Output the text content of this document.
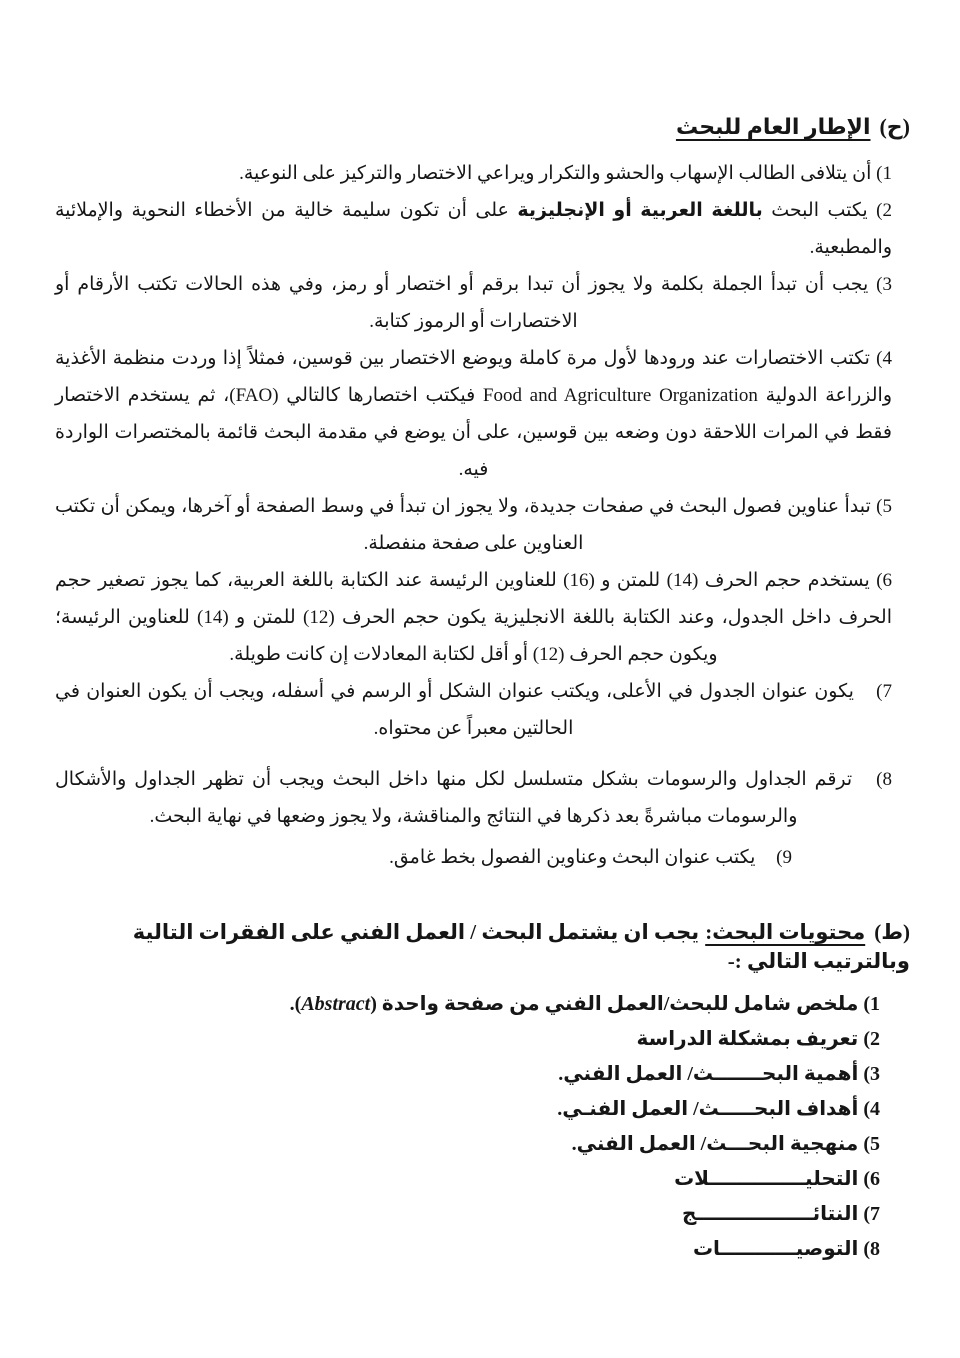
(ح)الإطار العام للبحث

1) أن يتلافى الطالب الإسهاب والحشو والتكرار ويراعي الاختصار والتركيز على النوعية.

2) يكتب البحث باللغة العربية أو الإنجليزية على أن تكون سليمة خالية من الأخطاء النحوية والإملائية والمطبعية.

3) يجب أن تبدأ الجملة بكلمة ولا يجوز أن تبدا برقم أو اختصار أو رمز، وفي هذه الحالات تكتب الأرقام أو الاختصارات أو الرموز كتابة.

4) تكتب الاختصارات عند ورودها لأول مرة كاملة ويوضع الاختصار بين قوسين، فمثلاً إذا وردت منظمة الأغذية والزراعة الدولية Food and Agriculture Organization فيكتب اختصارها كالتالي (FAO)، ثم يستخدم الاختصار فقط في المرات اللاحقة دون وضعه بين قوسين، على أن يوضع في مقدمة البحث قائمة بالمختصرات الواردة فيه.

5) تبدأ عناوين فصول البحث في صفحات جديدة، ولا يجوز ان تبدأ في وسط الصفحة أو آخرها، ويمكن أن تكتب العناوين على صفحة منفصلة.

6) يستخدم حجم الحرف (14) للمتن و (16) للعناوين الرئيسة عند الكتابة باللغة العربية، كما يجوز تصغير حجم الحرف داخل الجدول، وعند الكتابة باللغة الانجليزية يكون حجم الحرف (12) للمتن و (14) للعناوين الرئيسة؛ ويكون حجم الحرف (12) أو أقل لكتابة المعادلات إن كانت طويلة.

7) يكون عنوان الجدول في الأعلى، ويكتب عنوان الشكل أو الرسم في أسفله، ويجب أن يكون العنوان في الحالتين معبراً عن محتواه.

8) ترقم الجداول والرسومات بشكل متسلسل لكل منها داخل البحث ويجب أن تظهر الجداول والأشكال والرسومات مباشرةً بعد ذكرها في النتائج والمناقشة، ولا يجوز وضعها في نهاية البحث.

9) يكتب عنوان البحث وعناوين الفصول بخط غامق.

(ط)محتويات البحث:يجب ان يشتمل البحث / العمل الفني على الفقرات التالية وبالترتيب التالي :-

1) ملخص شامل للبحث/العمل الفني من صفحة واحدة (Abstract).

2) تعريف بمشكلة الدراسة

3) أهمية البحـــــــث/ العمل الفني.

4) أهداف البحـــــث/ العمل الفنـي.

5) منهجية البحـــث/ العمل الفني.

6) التحليــــــــــــــلات

7) النتائـــــــــــــــــج

8) التوصيـــــــــــات
